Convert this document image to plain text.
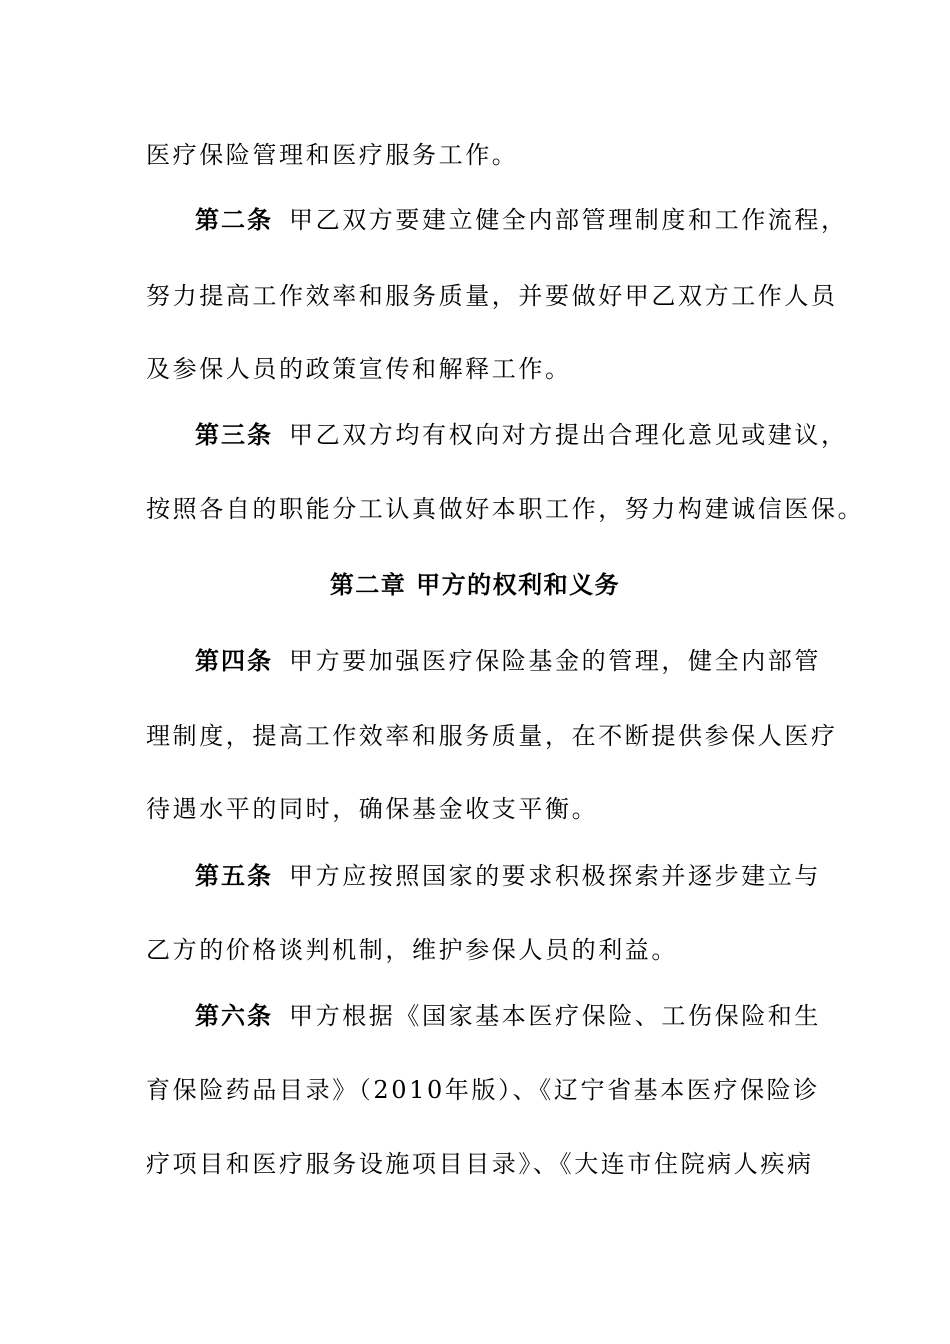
医疗保险管理和医疗服务工作。
第二条 甲乙双方要建立健全内部管理制度和工作流程，
努力提高工作效率和服务质量，并要做好甲乙双方工作人员
及参保人员的政策宣传和解释工作。
第三条 甲乙双方均有权向对方提出合理化意见或建议，
按照各自的职能分工认真做好本职工作，努力构建诚信医保。
第二章 甲方的权利和义务
第四条 甲方要加强医疗保险基金的管理，健全内部管
理制度，提高工作效率和服务质量，在不断提供参保人医疗
待遇水平的同时，确保基金收支平衡。
第五条 甲方应按照国家的要求积极探索并逐步建立与
乙方的价格谈判机制，维护参保人员的利益。
第六条 甲方根据《国家基本医疗保险、工伤保险和生
育保险药品目录》（2010年版）、《辽宁省基本医疗保险诊
疗项目和医疗服务设施项目目录》、《大连市住院病人疾病
